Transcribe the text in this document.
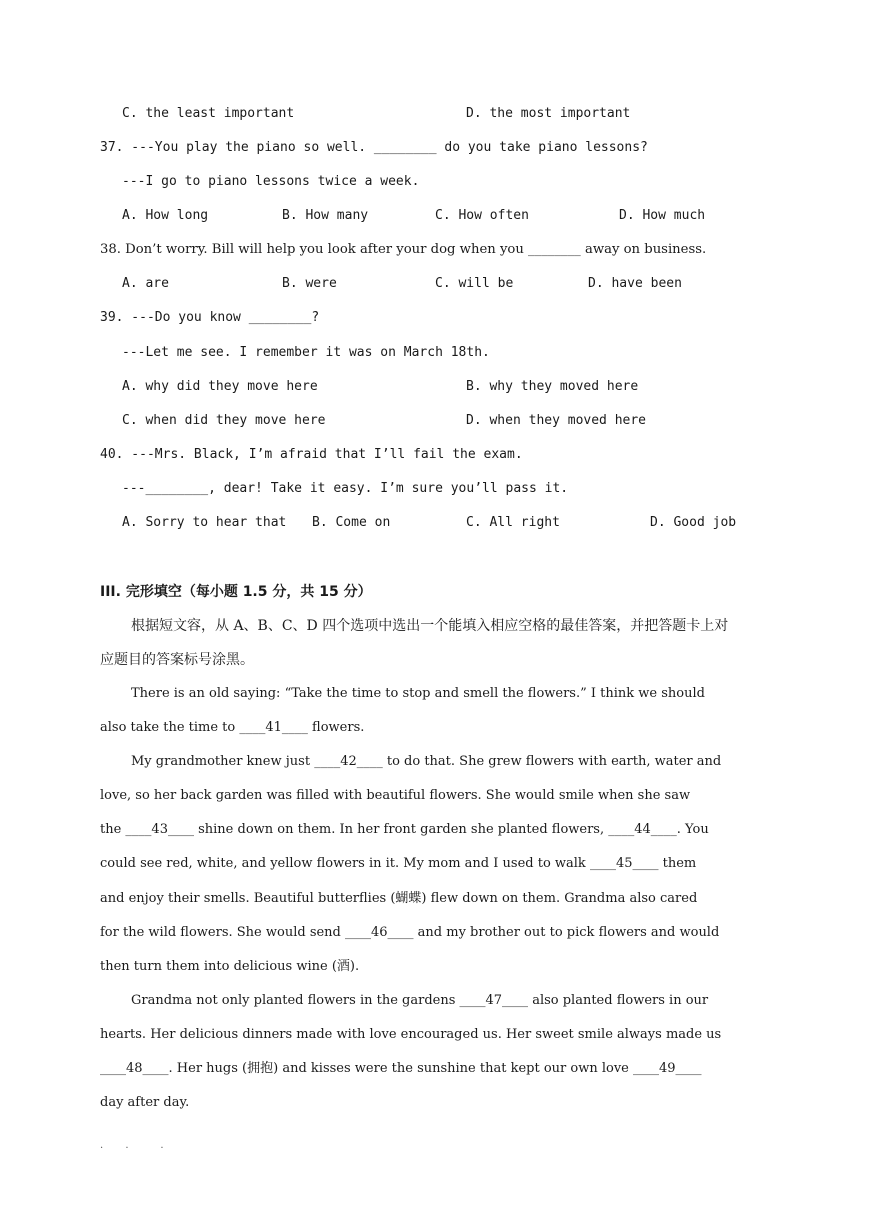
C. the least important	D. the most important
37. ---You play the piano so well. ________ do you take piano lessons?
---I go to piano lessons twice a week.
A. How long	B. How many	C. How often	D. How much
38. Don’t worry. Bill will help you look after your dog when you ________ away on business.
A. are	B. were	C. will be	D. have been
39. ---Do you know ________?
---Let me see. I remember it was on March 18th.
A. why did they move here	B. why they moved here
C. when did they move here	D. when they moved here
40. ---Mrs. Black, I’m afraid that I’ll fail the exam.
---________, dear! Take it easy. I’m sure you’ll pass it.
A. Sorry to hear that B. Come on	C. All right	D. Good job
III. 完形填空（每小题 1.5 分，共 15 分）
根据短文容，从 A、B、C、D 四个选项中选出一个能填入相应空格的最佳答案，并把答题卡上对
应题目的答案标号涂黑。
There is an old saying: “Take the time to stop and smell the flowers.” I think we should
also take the time to ____41____ flowers.
My grandmother knew just ____42____ to do that. She grew flowers with earth, water and
love, so her back garden was filled with beautiful flowers. She would smile when she saw
the ____43____ shine down on them. In her front garden she planted flowers, ____44____. You
could see red, white, and yellow flowers in it. My mom and I used to walk ____45____ them
and enjoy their smells. Beautiful butterflies (蝴蝶) flew down on them. Grandma also cared
for the wild flowers. She would send ____46____ and my brother out to pick flowers and would
then turn them into delicious wine (酒).
Grandma not only planted flowers in the gardens ____47____ also planted flowers in our
hearts. Her delicious dinners made with love encouraged us. Her sweet smile always made us
____48____. Her hugs (拥抱) and kisses were the sunshine that kept our own love ____49____
day after day.
.       .          .
